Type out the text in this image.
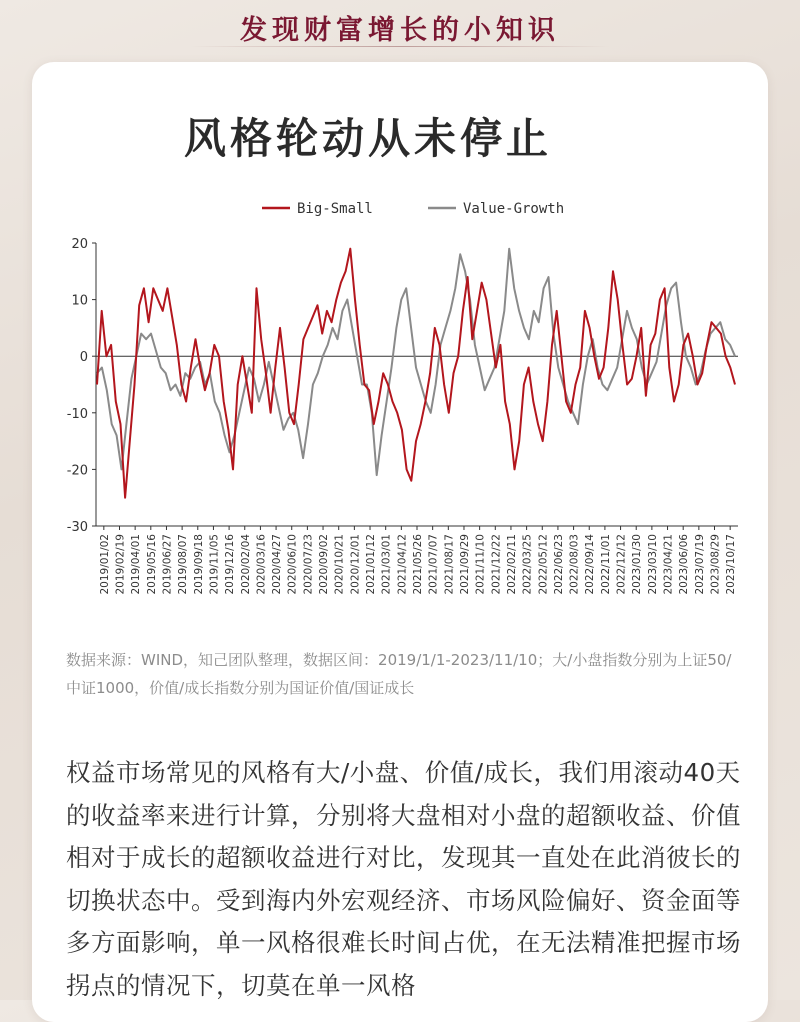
发现财富增长的小知识
风格轮动从未停止
20
10
0
-10
-20
-30
2019/01/02 2019/02/19 2019/04/01 2019/05/16 2019/06/27 2019/08/07 2019/09/18 2019/11/05 2019/12/16 2020/02/04 2020/03/16 2020/04/27 2020/06/10 2020/07/23 2020/09/02 2020/10/21 2020/12/01 2021/01/12 2021/03/01 2021/04/12 2021/05/26 2021/07/07 2021/08/17 2021/09/29 2021/11/10 2021/12/22 2022/02/11 2022/03/25 2022/05/12 2022/06/23 2022/08/03 2022/09/14 2022/11/01 2022/12/12 2023/01/30 2023/03/10 2023/04/21 2023/06/06 2023/07/19 2023/08/29 2023/10/17
Big-Small	Value-Growth
数据来源：WIND，知己团队整理，数据区间：2019/1/1-2023/11/10；大/小盘指数分别为上证50/中证1000，价值/成长指数分别为国证价值/国证成长
权益市场常见的风格有大/小盘、价值/成长，我们用滚动40天的收益率来进行计算，分别将大盘相对小盘的超额收益、价值相对于成长的超额收益进行对比，发现其一直处在此消彼长的切换状态中。受到海内外宏观经济、市场风险偏好、资金面等多方面影响，单一风格很难长时间占优，在无法精准把握市场拐点的情况下，切莫在单一风格
